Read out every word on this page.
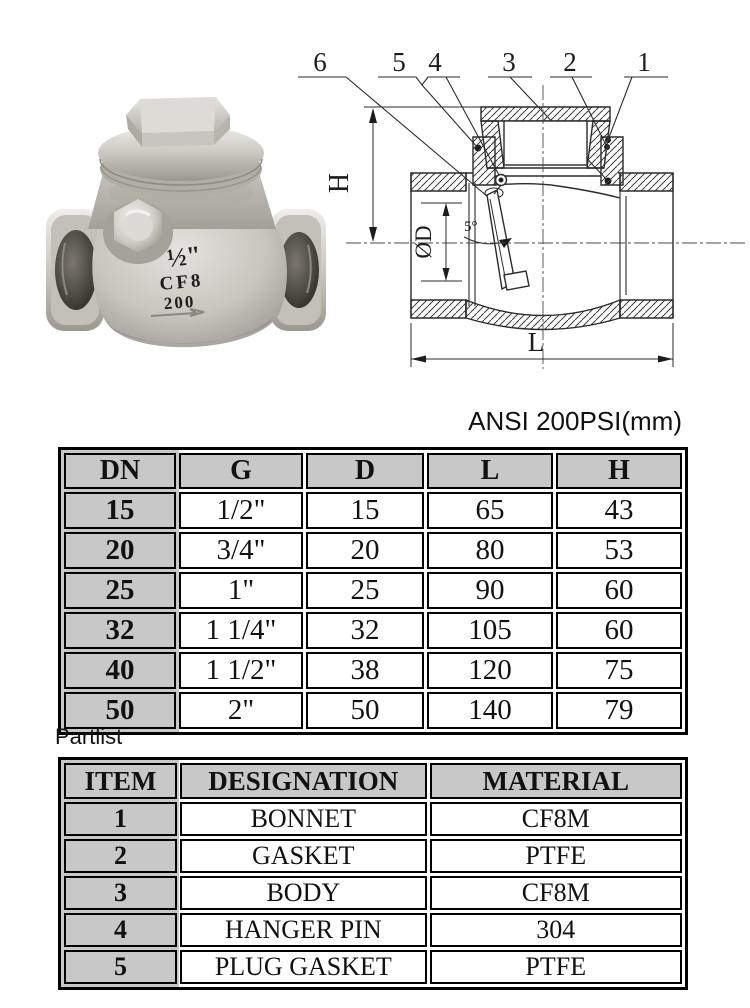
½"
CF8
200
6 5 4 3 2 1
5°
H
ØD
L
ANSI 200PSI(mm)
DN	G	D	L	H
15	1/2"	15	65	43
20	3/4"	20	80	53
25	1"	25	90	60
32	1 1/4"	32	105	60
40	1 1/2"	38	120	75
50	2"	50	140	79
Partlist
ITEM	DESIGNATION	MATERIAL
1	BONNET	CF8M
2	GASKET	PTFE
3	BODY	CF8M
4	HANGER PIN	304
5	PLUG GASKET	PTFE
